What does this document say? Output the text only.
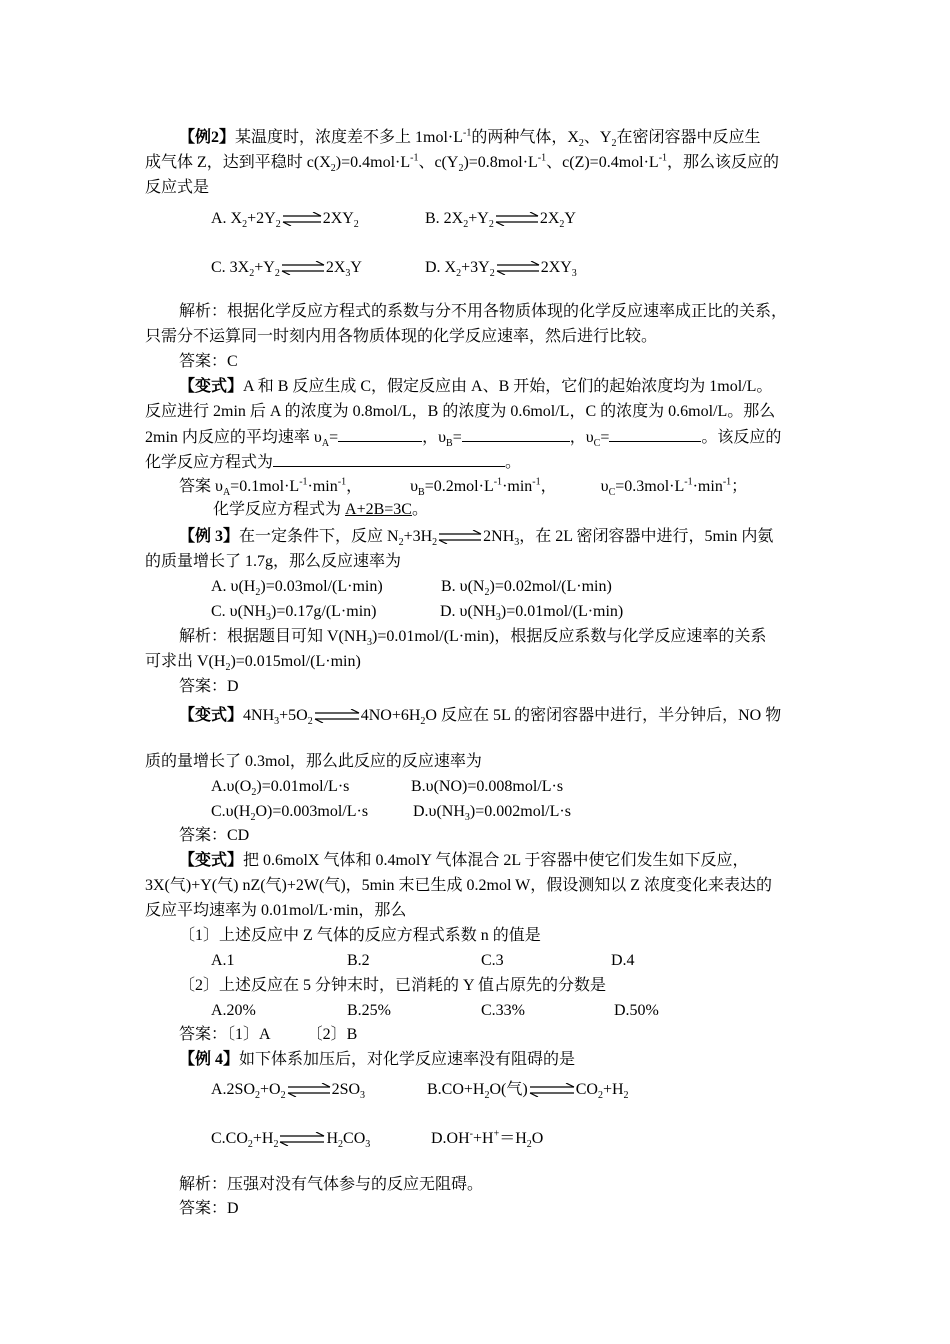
【例2】某温度时，浓度差不多上 $1mol\cdot L^{-1}$的两种气体，$X_2$、$Y_2$在密闭容器中反应生
成气体 Z，达到平稳时 $c(X_2)=0.4mol\cdot L^{-1}$、$c(Y_2)=0.8mol\cdot L^{-1}$、$c(Z)=0.4mol\cdot L^{-1}$，那么该反应的
反应式是
A. $X_2+2Y_2\rightleftharpoons 2XY_2$	B. $2X_2+Y_2\rightleftharpoons 2X_2Y$
C. $3X_2+Y_2\rightleftharpoons 2X_3Y$	D. $X_2+3Y_2\rightleftharpoons 2XY_3$
解析：根据化学反应方程式的系数与分不用各物质体现的化学反应速率成正比的关系，
只需分不运算同一时刻内用各物质体现的化学反应速率，然后进行比较。
答案：C
【变式】A 和 B 反应生成 C，假定反应由 A、B 开始，它们的起始浓度均为 1mol/L。
反应进行 2min 后 A 的浓度为 0.8mol/L，B 的浓度为 0.6mol/L，C 的浓度为 0.6mol/L。那么
2min 内反应的平均速率 $\upsilon_A=$	，$\upsilon_B=$	，$\upsilon_C=$	。该反应的
化学反应方程式为	。
答案 $\upsilon_A=0.1mol\cdot L^{-1}\cdot\min^{-1}$，	$\upsilon_B=0.2mol\cdot L^{-1}\cdot\min^{-1}$，	$\upsilon_C=0.3mol\cdot L^{-1}\cdot\min^{-1}$；
化学反应方程式为 A+2B=3C。
【例 3】在一定条件下，反应 $N_2+3H_2\rightleftharpoons 2NH_3$，在 2L 密闭容器中进行，5min 内氨
的质量增长了 1.7g，那么反应速率为
A. $\upsilon(H_2)=0.03mol/(L\cdot\min)$	B. $\upsilon(N_2)=0.02mol/(L\cdot\min)$
C. $\upsilon(NH_3)=0.17g/(L\cdot\min)$	D. $\upsilon(NH_3)=0.01mol/(L\cdot\min)$
解析：根据题目可知 $V(NH_3)=0.01mol/(L\cdot\min)$，根据反应系数与化学反应速率的关系
可求出 $V(H_2)=0.015mol/(L\cdot\min)$
答案：D
【变式】$4NH_3+5O_2\rightleftharpoons 4NO+6H_2O$ 反应在 5L 的密闭容器中进行，半分钟后，NO 物
质的量增长了 0.3mol，那么此反应的反应速率为
$A.\upsilon(O_2)=0.01mol/L\cdot s$	B.υ(NO)=0.008mol/L·s
$C.\upsilon(H_2O)=0.003mol/L\cdot s$	$D.\upsilon(NH_3)=0.002mol/L\cdot s$
答案：CD
【变式】把 0.6molX 气体和 0.4molY 气体混合 2L 于容器中使它们发生如下反应，
3X(气)+Y(气) nZ(气)+2W(气)，5min 末已生成 0.2mol W，假设测知以 Z 浓度变化来表达的
反应平均速率为 0.01mol/L·min，那么
〔1〕上述反应中 Z 气体的反应方程式系数 n 的值是
A.1	B.2	C.3	D.4
〔2〕上述反应在 5 分钟末时，已消耗的 Y 值占原先的分数是
A.20%	B.25%	C.33%	D.50%
答案：〔1〕A 〔2〕B
【例 4】如下体系加压后，对化学反应速率没有阻碍的是
$A.2SO_2+O_2\rightleftharpoons 2SO_3$	$B.CO+H_2O$(气)$\rightleftharpoons CO_2+H_2$
$C.CO_2+H_2\rightleftharpoons H_2CO_3$	$D.OH^-+H^+=H_2O$
解析：压强对没有气体参与的反应无阻碍。
答案：D
